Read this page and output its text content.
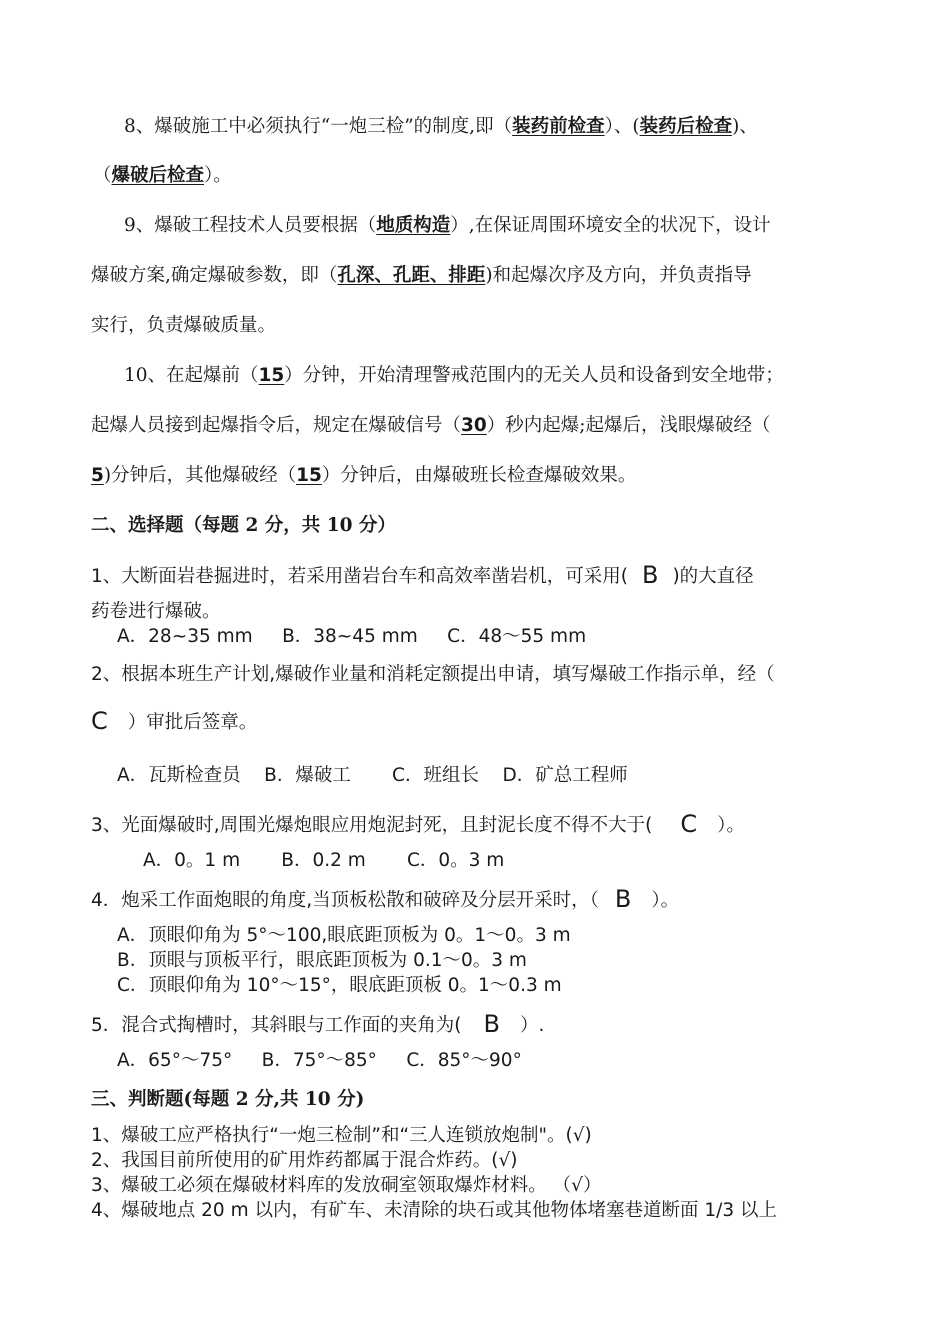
8、爆破施工中必须执行“一炮三检”的制度,即（装药前检查）、(装药后检查)、
（爆破后检查）。
9、爆破工程技术人员要根据（地质构造）,在保证周围环境安全的状况下，设计
爆破方案,确定爆破参数，即（孔深、孔距、排距)和起爆次序及方向，并负责指导
实行，负责爆破质量。
10、在起爆前（15）分钟，开始清理警戒范围内的无关人员和设备到安全地带；
起爆人员接到起爆指令后，规定在爆破信号（30）秒内起爆;起爆后，浅眼爆破经（
5)分钟后，其他爆破经（15）分钟后，由爆破班长检查爆破效果。
二、选择题（每题 2 分，共 10 分）
1、大断面岩巷掘进时，若采用凿岩台车和高效率凿岩机，可采用( B )的大直径
药卷进行爆破。
A．28~35 mm     B．38~45 mm     C．48～55 mm
2、根据本班生产计划,爆破作业量和消耗定额提出申请，填写爆破工作指示单，经（
C ）审批后签章。
A．瓦斯检查员    B．爆破工       C．班组长    D．矿总工程师
3、光面爆破时,周围光爆炮眼应用炮泥封死，且封泥长度不得不大于( C ）。
A．0。1 m       B．0.2 m       C．0。3 m
4．炮采工作面炮眼的角度,当顶板松散和破碎及分层开采时，（ B ）。
A．顶眼仰角为 5°～100,眼底距顶板为 0。1～0。3 m
B．顶眼与顶板平行，眼底距顶板为 0.1～0。3 m
C．顶眼仰角为 10°～15°，眼底距顶板 0。1～0.3 m
5．混合式掏槽时，其斜眼与工作面的夹角为( B ）.
A．65°～75°     B．75°～85°     C．85°～90°
三、判断题(每题 2 分,共 10 分)
1、爆破工应严格执行“一炮三检制”和“三人连锁放炮制"。(√)
2、我国目前所使用的矿用炸药都属于混合炸药。(√)
3、爆破工必须在爆破材料库的发放硐室领取爆炸材料。 （√）
4、爆破地点 20 m 以内，有矿车、未清除的块石或其他物体堵塞巷道断面 1/3 以上
